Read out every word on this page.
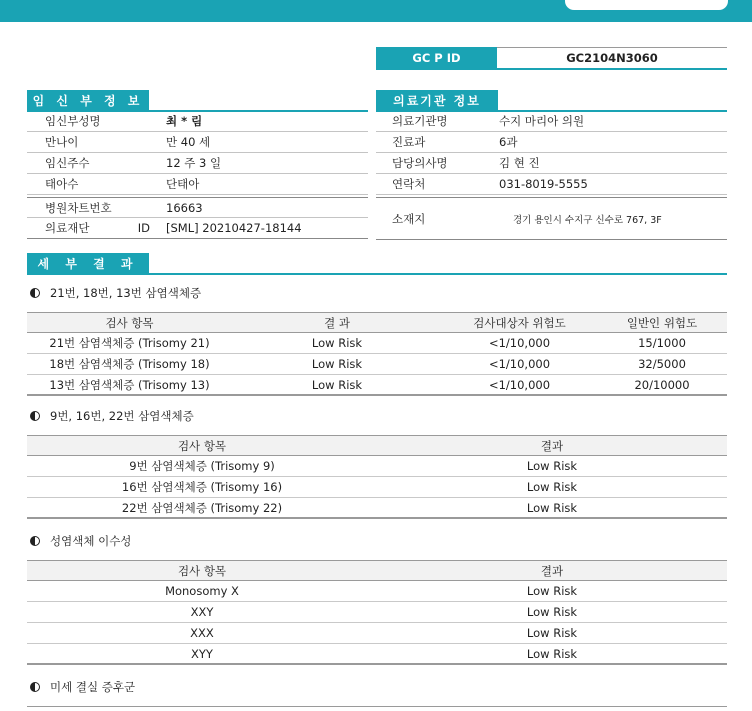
GC P ID	GC2104N3060
임 신 부 정 보	의료기관 정보
임신부성명	최 * 림
만나이	만 40 세
임신주수	12 주 3 일
태아수	단태아
병원차트번호	16663
의료재단 ID	[SML] 20210427-18144
의료기관명	수지 마리아 의원
진료과	6과
담당의사명	김 현 진
연락처	031-8019-5555
소재지	경기 용인시 수지구 신수로 767, 3F
세 부 결 과
21번, 18번, 13번 삼염색체증
검사 항목	결 과	검사대상자 위험도	일반인 위험도
21번 삼염색체증 (Trisomy 21)	Low Risk	<1/10,000	15/1000
18번 삼염색체증 (Trisomy 18)	Low Risk	<1/10,000	32/5000
13번 삼염색체증 (Trisomy 13)	Low Risk	<1/10,000	20/10000
9번, 16번, 22번 삼염색체증
검사 항목	결과
9번 삼염색체증 (Trisomy 9)	Low Risk
16번 삼염색체증 (Trisomy 16)	Low Risk
22번 삼염색체증 (Trisomy 22)	Low Risk
성염색체 이수성
검사 항목	결과
Monosomy X	Low Risk
XXY	Low Risk
XXX	Low Risk
XYY	Low Risk
미세 결실 증후군
